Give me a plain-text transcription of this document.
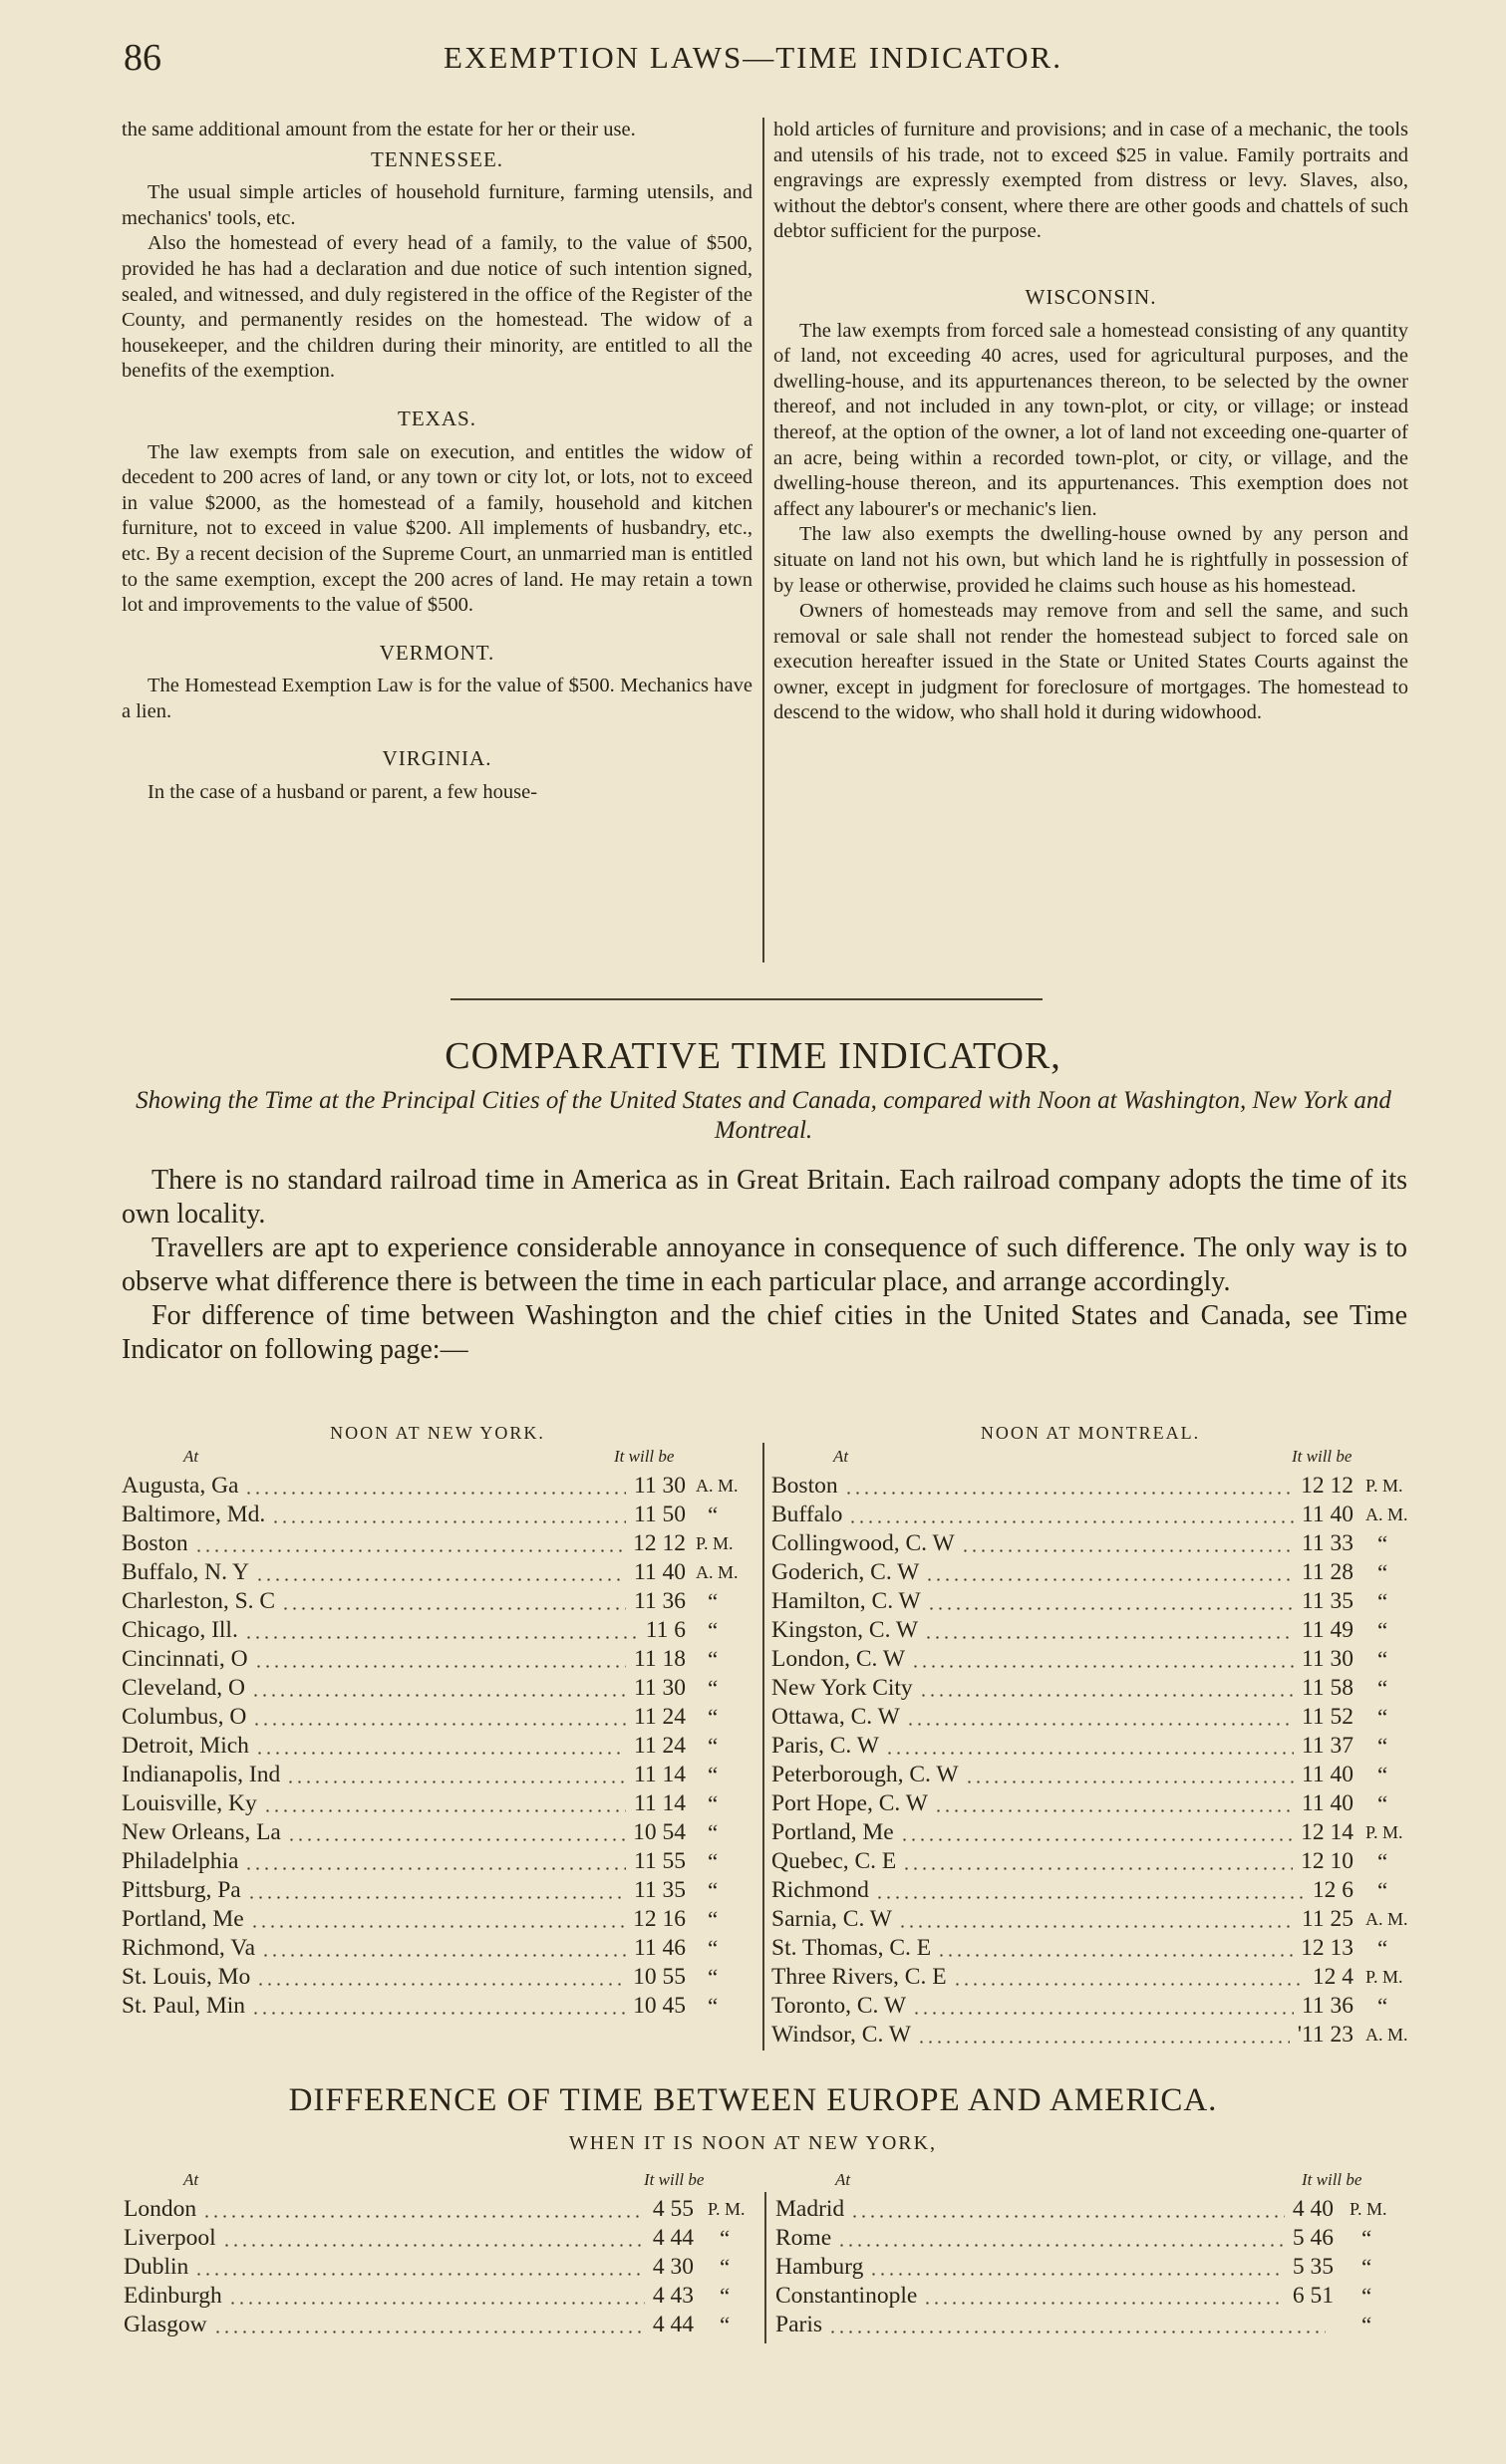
86	EXEMPTION LAWS—TIME INDICATOR.

the same additional amount from the estate for her or their use.

TENNESSEE.

The usual simple articles of household furniture, farming utensils, and mechanics' tools, etc.

Also the homestead of every head of a family, to the value of $500, provided he has had a declaration and due notice of such intention signed, sealed, and witnessed, and duly registered in the office of the Register of the County, and permanently resides on the homestead. The widow of a housekeeper, and the children during their minority, are entitled to all the benefits of the exemption.

TEXAS.

The law exempts from sale on execution, and entitles the widow of decedent to 200 acres of land, or any town or city lot, or lots, not to exceed in value $2000, as the homestead of a family, household and kitchen furniture, not to exceed in value $200. All implements of husbandry, etc., etc. By a recent decision of the Supreme Court, an unmarried man is entitled to the same exemption, except the 200 acres of land. He may retain a town lot and improvements to the value of $500.

VERMONT.

The Homestead Exemption Law is for the value of $500. Mechanics have a lien.

VIRGINIA.

In the case of a husband or parent, a few house-

hold articles of furniture and provisions; and in case of a mechanic, the tools and utensils of his trade, not to exceed $25 in value. Family portraits and engravings are expressly exempted from distress or levy. Slaves, also, without the debtor's consent, where there are other goods and chattels of such debtor sufficient for the purpose.

WISCONSIN.

The law exempts from forced sale a homestead consisting of any quantity of land, not exceeding 40 acres, used for agricultural purposes, and the dwelling-house, and its appurtenances thereon, to be selected by the owner thereof, and not included in any town-plot, or city, or village; or instead thereof, at the option of the owner, a lot of land not exceeding one-quarter of an acre, being within a recorded town-plot, or city, or village, and the dwelling-house thereon, and its appurtenances. This exemption does not affect any labourer's or mechanic's lien.

The law also exempts the dwelling-house owned by any person and situate on land not his own, but which land he is rightfully in possession of by lease or otherwise, provided he claims such house as his homestead.

Owners of homesteads may remove from and sell the same, and such removal or sale shall not render the homestead subject to forced sale on execution hereafter issued in the State or United States Courts against the owner, except in judgment for foreclosure of mortgages. The homestead to descend to the widow, who shall hold it during widowhood.

COMPARATIVE TIME INDICATOR,
Showing the Time at the Principal Cities of the United States and Canada, compared with Noon at Washington, New York and Montreal.

There is no standard railroad time in America as in Great Britain. Each railroad company adopts the time of its own locality.

Travellers are apt to experience considerable annoyance in consequence of such difference. The only way is to observe what difference there is between the time in each particular place, and arrange accordingly.

For difference of time between Washington and the chief cities in the United States and Canada, see Time Indicator on following page:—

NOON AT NEW YORK.	NOON AT MONTREAL.
At	It will be	At	It will be
Augusta, Ga	11 30 A. M.
Baltimore, Md.	11 50 “
Boston	12 12 P. M.
Buffalo, N. Y	11 40 A. M.
Charleston, S. C	11 36 “
Chicago, Ill.	11 6 “
Cincinnati, O	11 18 “
Cleveland, O	11 30 “
Columbus, O	11 24 “
Detroit, Mich	11 24 “
Indianapolis, Ind	11 14 “
Louisville, Ky	11 14 “
New Orleans, La	10 54 “
Philadelphia	11 55 “
Pittsburg, Pa	11 35 “
Portland, Me	12 16 “
Richmond, Va	11 46 “
St. Louis, Mo	10 55 “
St. Paul, Min	10 45 “
Boston	12 12 P. M.
Buffalo	11 40 A. M.
Collingwood, C. W	11 33 “
Goderich, C. W	11 28 “
Hamilton, C. W	11 35 “
Kingston, C. W	11 49 “
London, C. W	11 30 “
New York City	11 58 “
Ottawa, C. W	11 52 “
Paris, C. W	11 37 “
Peterborough, C. W	11 40 “
Port Hope, C. W	11 40 “
Portland, Me	12 14 P. M.
Quebec, C. E	12 10 “
Richmond	12 6 “
Sarnia, C. W	11 25 A. M.
St. Thomas, C. E	12 13 “
Three Rivers, C. E	12 4 P. M.
Toronto, C. W	11 36 “
Windsor, C. W	'11 23 A. M.
DIFFERENCE OF TIME BETWEEN EUROPE AND AMERICA.
WHEN IT IS NOON AT NEW YORK,
At	It will be	At	It will be
London	4 55 P. M.
Liverpool	4 44 “
Dublin	4 30 “
Edinburgh	4 43 “
Glasgow	4 44 “
Madrid	4 40 P. M.
Rome	5 46 “
Hamburg	5 35 “
Constantinople	6 51 “
Paris	“
